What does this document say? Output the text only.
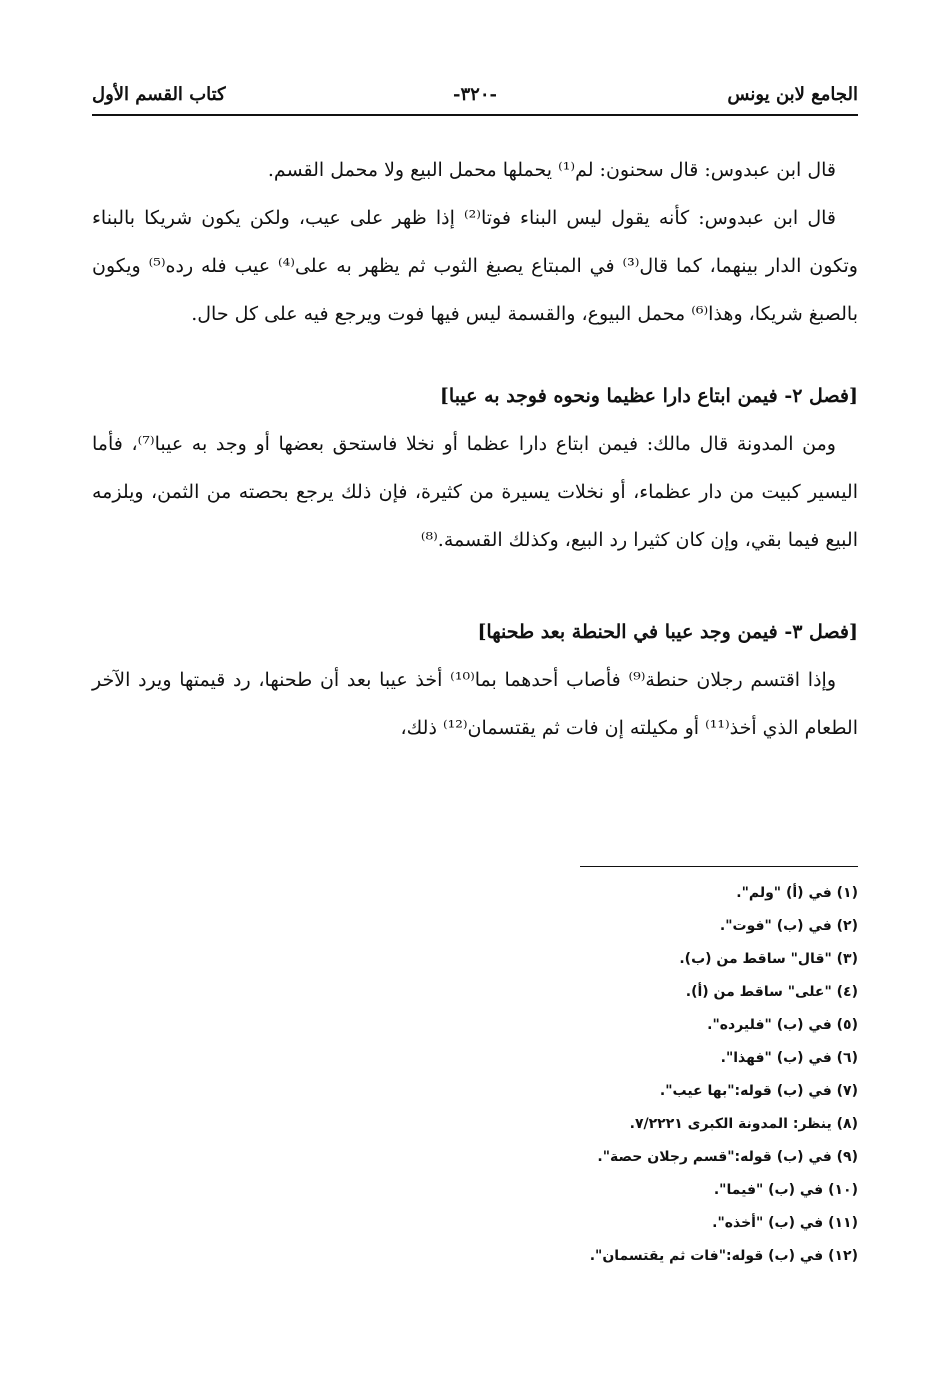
الجامع لابن يونس
-٣٢٠-
كتاب القسم الأول

قال ابن عبدوس: قال سحنون: لم⁽¹⁾ يحملها محمل البيع ولا محمل القسم.

قال ابن عبدوس: كأنه يقول ليس البناء فوتا⁽²⁾ إذا ظهر على عيب، ولكن يكون شريكا بالبناء وتكون الدار بينهما، كما قال⁽³⁾ في المبتاع يصبغ الثوب ثم يظهر به على⁽⁴⁾ عيب فله رده⁽⁵⁾ ويكون بالصبغ شريكا، وهذا⁽⁶⁾ محمل البيوع، والقسمة ليس فيها فوت ويرجع فيه على كل حال.

[فصل ٢- فيمن ابتاع دارا عظيما ونحوه فوجد به عيبا]

ومن المدونة قال مالك: فيمن ابتاع دارا عظما أو نخلا فاستحق بعضها أو وجد به عيبا⁽⁷⁾، فأما اليسير كبيت من دار عظماء، أو نخلات يسيرة من كثيرة، فإن ذلك يرجع بحصته من الثمن، ويلزمه البيع فيما بقي، وإن كان كثيرا رد البيع، وكذلك القسمة.⁽⁸⁾

[فصل ٣- فيمن وجد عيبا في الحنطة بعد طحنها]

وإذا اقتسم رجلان حنطة⁽⁹⁾ فأصاب أحدهما بما⁽¹⁰⁾ أخذ عيبا بعد أن طحنها، رد قيمتها ويرد الآخر الطعام الذي أخذ⁽¹¹⁾ أو مكيلته إن فات ثم يقتسمان⁽¹²⁾ ذلك،

(١) في (أ) "ولم".
(٢) في (ب) "فوت".
(٣) "قال" ساقط من (ب).
(٤) "على" ساقط من (أ).
(٥) في (ب) "فليرده".
(٦) في (ب) "فهذا".
(٧) في (ب) قوله:"بها عيب".
(٨) ينظر: المدونة الكبرى ٧/٢٢٢١.
(٩) في (ب) قوله:"قسم رجلان حصة".
(١٠) في (ب) "فيما".
(١١) في (ب) "أخذه".
(١٢) في (ب) قوله:"فات ثم يقتسمان".
